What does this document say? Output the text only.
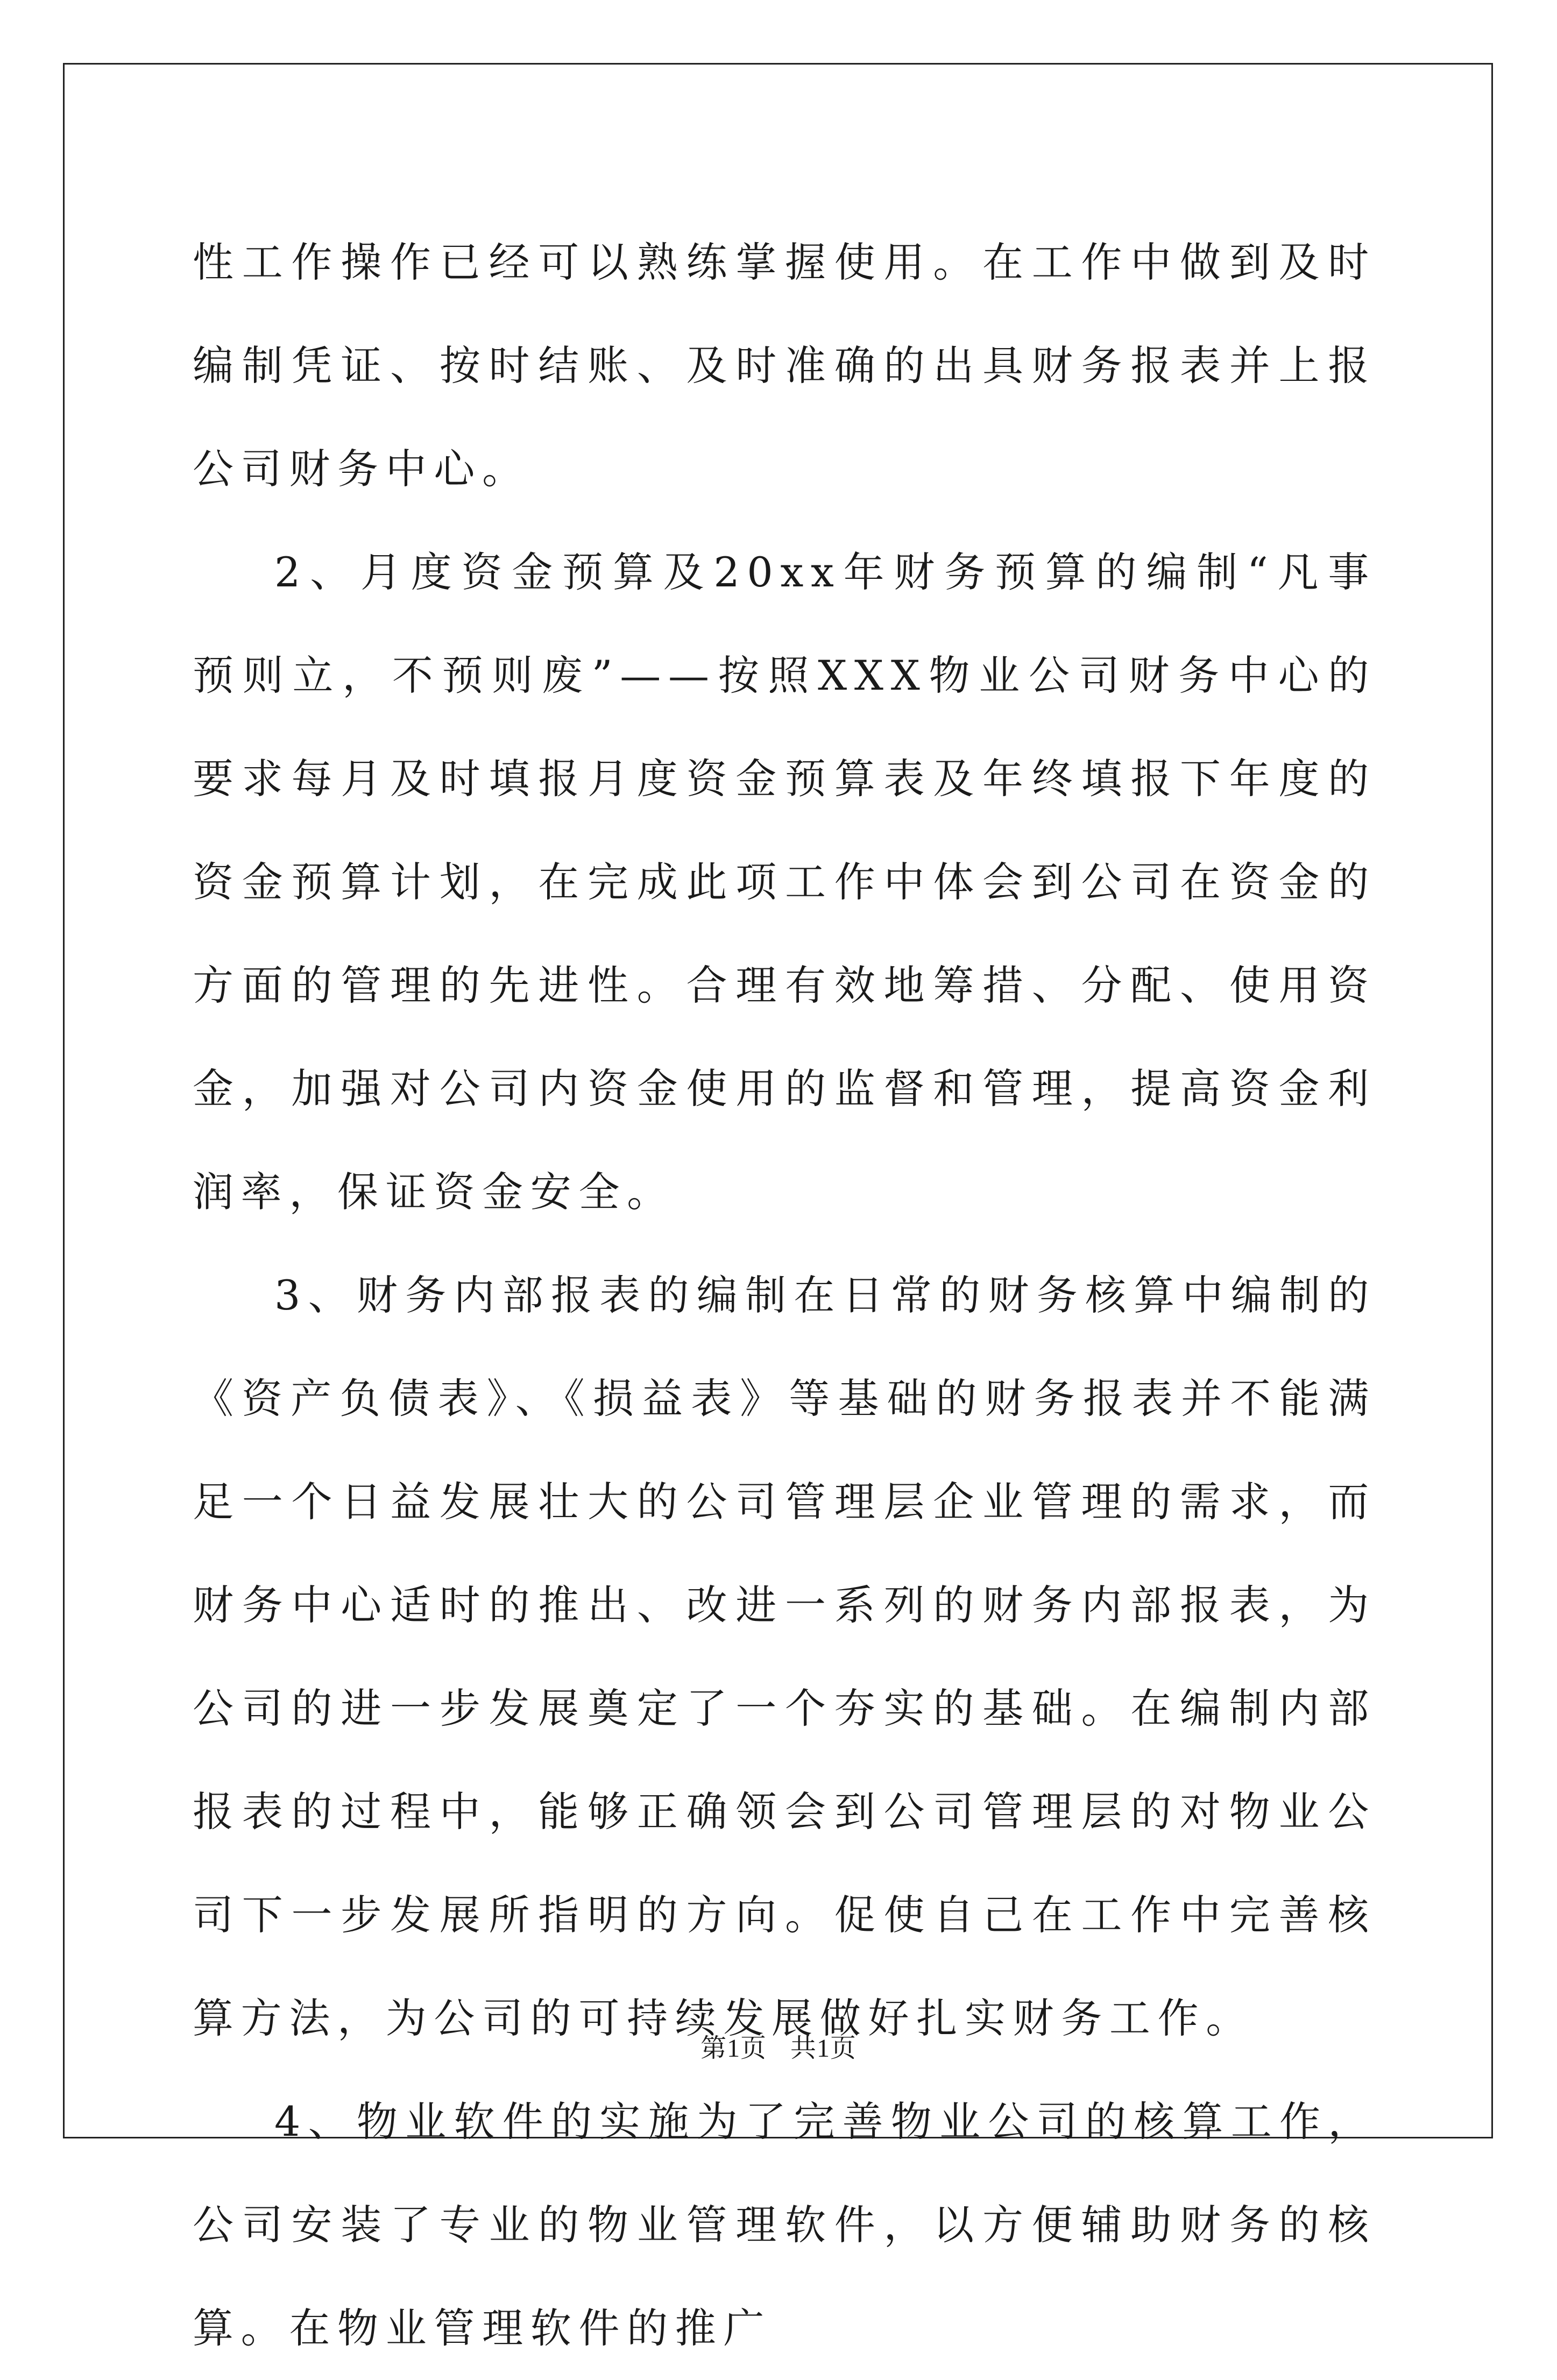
性工作操作已经可以熟练掌握使用。在工作中做到及时编制凭证、按时结账、及时准确的出具财务报表并上报公司财务中心。

2、月度资金预算及20xx年财务预算的编制“凡事预则立，不预则废”——按照XXX物业公司财务中心的要求每月及时填报月度资金预算表及年终填报下年度的资金预算计划，在完成此项工作中体会到公司在资金的方面的管理的先进性。合理有效地筹措、分配、使用资金，加强对公司内资金使用的监督和管理，提高资金利润率，保证资金安全。

3、财务内部报表的编制在日常的财务核算中编制的《资产负债表》、《损益表》等基础的财务报表并不能满足一个日益发展壮大的公司管理层企业管理的需求，而财务中心适时的推出、改进一系列的财务内部报表，为公司的进一步发展奠定了一个夯实的基础。在编制内部报表的过程中，能够正确领会到公司管理层的对物业公司下一步发展所指明的方向。促使自己在工作中完善核算方法，为公司的可持续发展做好扎实财务工作。

4、物业软件的实施为了完善物业公司的核算工作，公司安装了专业的物业管理软件，以方便辅助财务的核算。在物业管理软件的推广

第1页 共1页
